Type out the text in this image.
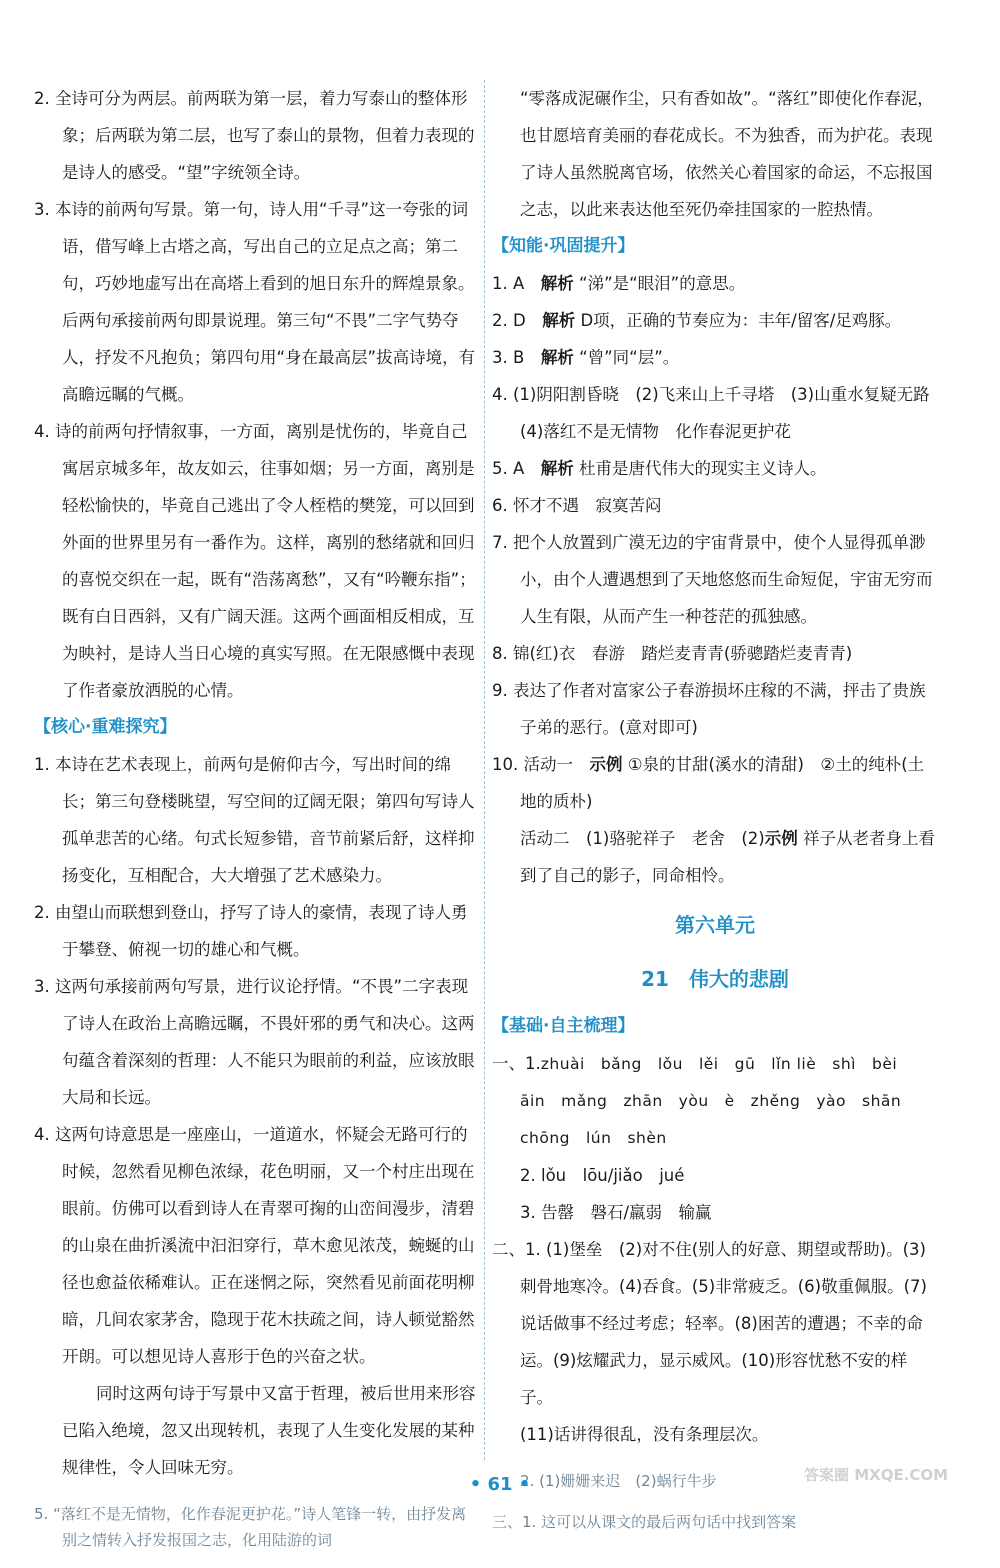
2. 全诗可分为两层。前两联为第一层，着力写泰山的整体形象；后两联为第二层，也写了泰山的景物，但着力表现的是诗人的感受。“望”字统领全诗。

3. 本诗的前两句写景。第一句，诗人用“千寻”这一夸张的词语，借写峰上古塔之高，写出自己的立足点之高；第二句，巧妙地虚写出在高塔上看到的旭日东升的辉煌景象。后两句承接前两句即景说理。第三句“不畏”二字气势夺人，抒发不凡抱负；第四句用“身在最高层”拔高诗境，有高瞻远瞩的气概。

4. 诗的前两句抒情叙事，一方面，离别是忧伤的，毕竟自己寓居京城多年，故友如云，往事如烟；另一方面，离别是轻松愉快的，毕竟自己逃出了令人桎梏的樊笼，可以回到外面的世界里另有一番作为。这样，离别的愁绪就和回归的喜悦交织在一起，既有“浩荡离愁”，又有“吟鞭东指”；既有白日西斜，又有广阔天涯。这两个画面相反相成，互为映衬，是诗人当日心境的真实写照。在无限感慨中表现了作者豪放洒脱的心情。

【核心·重难探究】

1. 本诗在艺术表现上，前两句是俯仰古今，写出时间的绵长；第三句登楼眺望，写空间的辽阔无限；第四句写诗人孤单悲苦的心绪。句式长短参错，音节前紧后舒，这样抑扬变化，互相配合，大大增强了艺术感染力。

2. 由望山而联想到登山，抒写了诗人的豪情，表现了诗人勇于攀登、俯视一切的雄心和气概。

3. 这两句承接前两句写景，进行议论抒情。“不畏”二字表现了诗人在政治上高瞻远瞩，不畏奸邪的勇气和决心。这两句蕴含着深刻的哲理：人不能只为眼前的利益，应该放眼大局和长远。

4. 这两句诗意思是一座座山，一道道水，怀疑会无路可行的时候，忽然看见柳色浓绿，花色明丽，又一个村庄出现在眼前。仿佛可以看到诗人在青翠可掬的山峦间漫步，清碧的山泉在曲折溪流中汩汩穿行，草木愈见浓茂，蜿蜒的山径也愈益依稀难认。正在迷惘之际，突然看见前面花明柳暗，几间农家茅舍，隐现于花木扶疏之间，诗人顿觉豁然开朗。可以想见诗人喜形于色的兴奋之状。

同时这两句诗于写景中又富于哲理，被后世用来形容已陷入绝境，忽又出现转机，表现了人生变化发展的某种规律性，令人回味无穷。

5. “落红不是无情物，化作春泥更护花。”诗人笔锋一转，由抒发离别之情转入抒发报国之志，化用陆游的词

“零落成泥碾作尘，只有香如故”。“落红”即使化作春泥，也甘愿培育美丽的春花成长。不为独香，而为护花。表现了诗人虽然脱离官场，依然关心着国家的命运，不忘报国之志，以此来表达他至死仍牵挂国家的一腔热情。

【知能·巩固提升】

1. A　 解析 “涕”是“眼泪”的意思。

2. D　 解析 D项，正确的节奏应为：丰年/留客/足鸡豚。

3. B　 解析 “曾”同“层”。

4. (1)阴阳割昏晓　(2)飞来山上千寻塔　(3)山重水复疑无路　(4)落红不是无情物　化作春泥更护花

5. A　 解析 杜甫是唐代伟大的现实主义诗人。

6. 怀才不遇　寂寞苦闷

7. 把个人放置到广漠无边的宇宙背景中，使个人显得孤单渺小，由个人遭遇想到了天地悠悠而生命短促，宇宙无穷而人生有限，从而产生一种苍茫的孤独感。

8. 锦(红)衣　春游　踏烂麦青青(骄骢踏烂麦青青)

9. 表达了作者对富家公子春游损坏庄稼的不满，抨击了贵族子弟的恶行。(意对即可)

10. 活动一　 示例 ①泉的甘甜(溪水的清甜)　②土的纯朴(土地的质朴)

活动二　(1)骆驼祥子　老舍　(2)示例 祥子从老者身上看到了自己的影子，同命相怜。

第六单元

21　伟大的悲剧

【基础·自主梳理】

一、1.zhuài　bǎng　lǒu　lěi　gū　lǐn liè　shì　bèi

āin　mǎng　zhān　yòu　è　zhěng　yào　shān

chōng　lún　shèn

2. lǒu　lōu/jiǎo　jué

3. 告罄　磐石/羸弱　输赢

二、1. (1)堡垒　(2)对不住(别人的好意、期望或帮助)。(3)刺骨地寒冷。(4)吞食。(5)非常疲乏。(6)敬重佩服。(7)说话做事不经过考虑；轻率。(8)困苦的遭遇；不幸的命运。(9)炫耀武力，显示威风。(10)形容忧愁不安的样子。

(11)话讲得很乱，没有条理层次。

2. (1)姗姗来迟　(2)蜗行牛步

三、1. 这可以从课文的最后两句话中找到答案

• 61 •	答案圈 MXQE.COM
